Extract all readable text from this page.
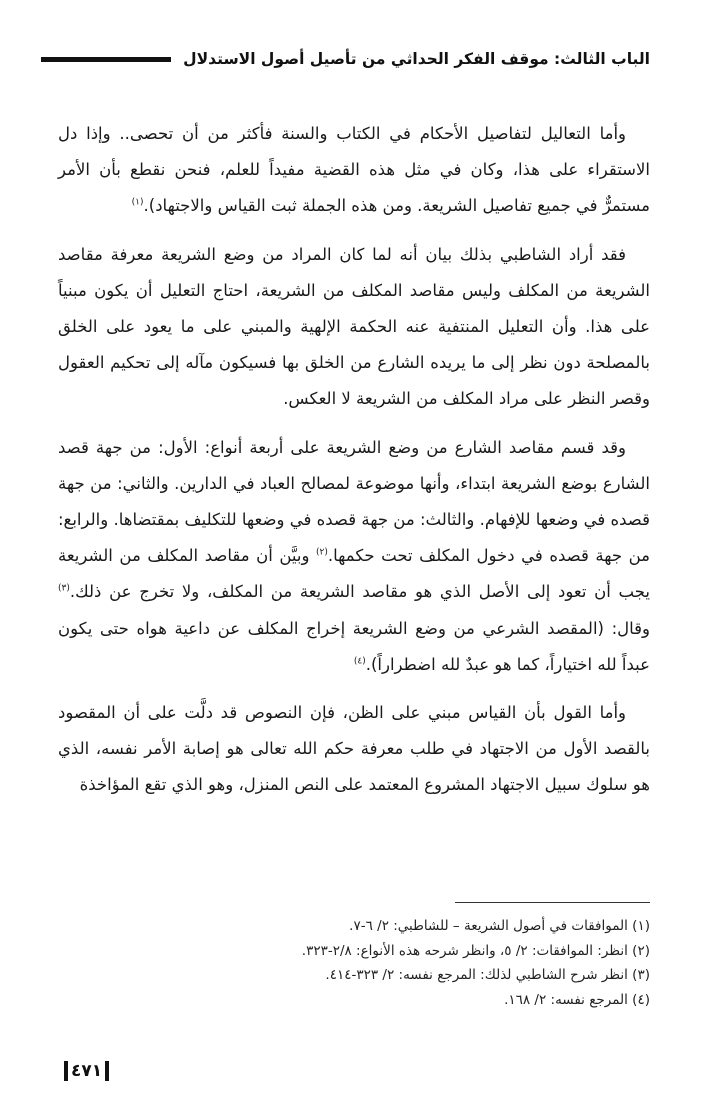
الباب الثالث: موقف الفكر الحداثي من تأصيل أصول الاستدلال

وأما التعاليل لتفاصيل الأحكام في الكتاب والسنة فأكثر من أن تحصى.. وإذا دل الاستقراء على هذا، وكان في مثل هذه القضية مفيداً للعلم، فنحن نقطع بأن الأمر مستمرٌّ في جميع تفاصيل الشريعة. ومن هذه الجملة ثبت القياس والاجتهاد).$^{(١)}$

فقد أراد الشاطبي بذلك بيان أنه لما كان المراد من وضع الشريعة معرفة مقاصد الشريعة من المكلف وليس مقاصد المكلف من الشريعة، احتاج التعليل أن يكون مبنياً على هذا. وأن التعليل المنتفية عنه الحكمة الإلهية والمبني على ما يعود على الخلق بالمصلحة دون نظر إلى ما يريده الشارع من الخلق بها فسيكون مآله إلى تحكيم العقول وقصر النظر على مراد المكلف من الشريعة لا العكس.

وقد قسم مقاصد الشارع من وضع الشريعة على أربعة أنواع: الأول: من جهة قصد الشارع بوضع الشريعة ابتداء، وأنها موضوعة لمصالح العباد في الدارين. والثاني: من جهة قصده في وضعها للإفهام. والثالث: من جهة قصده في وضعها للتكليف بمقتضاها. والرابع: من جهة قصده في دخول المكلف تحت حكمها.$^{(٢)}$ وبيَّن أن مقاصد المكلف من الشريعة يجب أن تعود إلى الأصل الذي هو مقاصد الشريعة من المكلف، ولا تخرج عن ذلك.$^{(٣)}$ وقال: (المقصد الشرعي من وضع الشريعة إخراج المكلف عن داعية هواه حتى يكون عبداً لله اختياراً، كما هو عبدٌ لله اضطراراً).$^{(٤)}$

وأما القول بأن القياس مبني على الظن، فإن النصوص قد دلَّت على أن المقصود بالقصد الأول من الاجتهاد في طلب معرفة حكم الله تعالى هو إصابة الأمر نفسه، الذي هو سلوك سبيل الاجتهاد المشروع المعتمد على النص المنزل، وهو الذي تقع المؤاخذة

(١) الموافقات في أصول الشريعة – للشاطبي: ٢/ ٦-٧.
(٢) انظر: الموافقات: ٢/ ٥، وانظر شرحه هذه الأنواع: ٢/٨-٣٢٣.
(٣) انظر شرح الشاطبي لذلك: المرجع نفسه: ٢/ ٣٢٣-٤١٤.
(٤) المرجع نفسه: ٢/ ١٦٨.
٤٧١
